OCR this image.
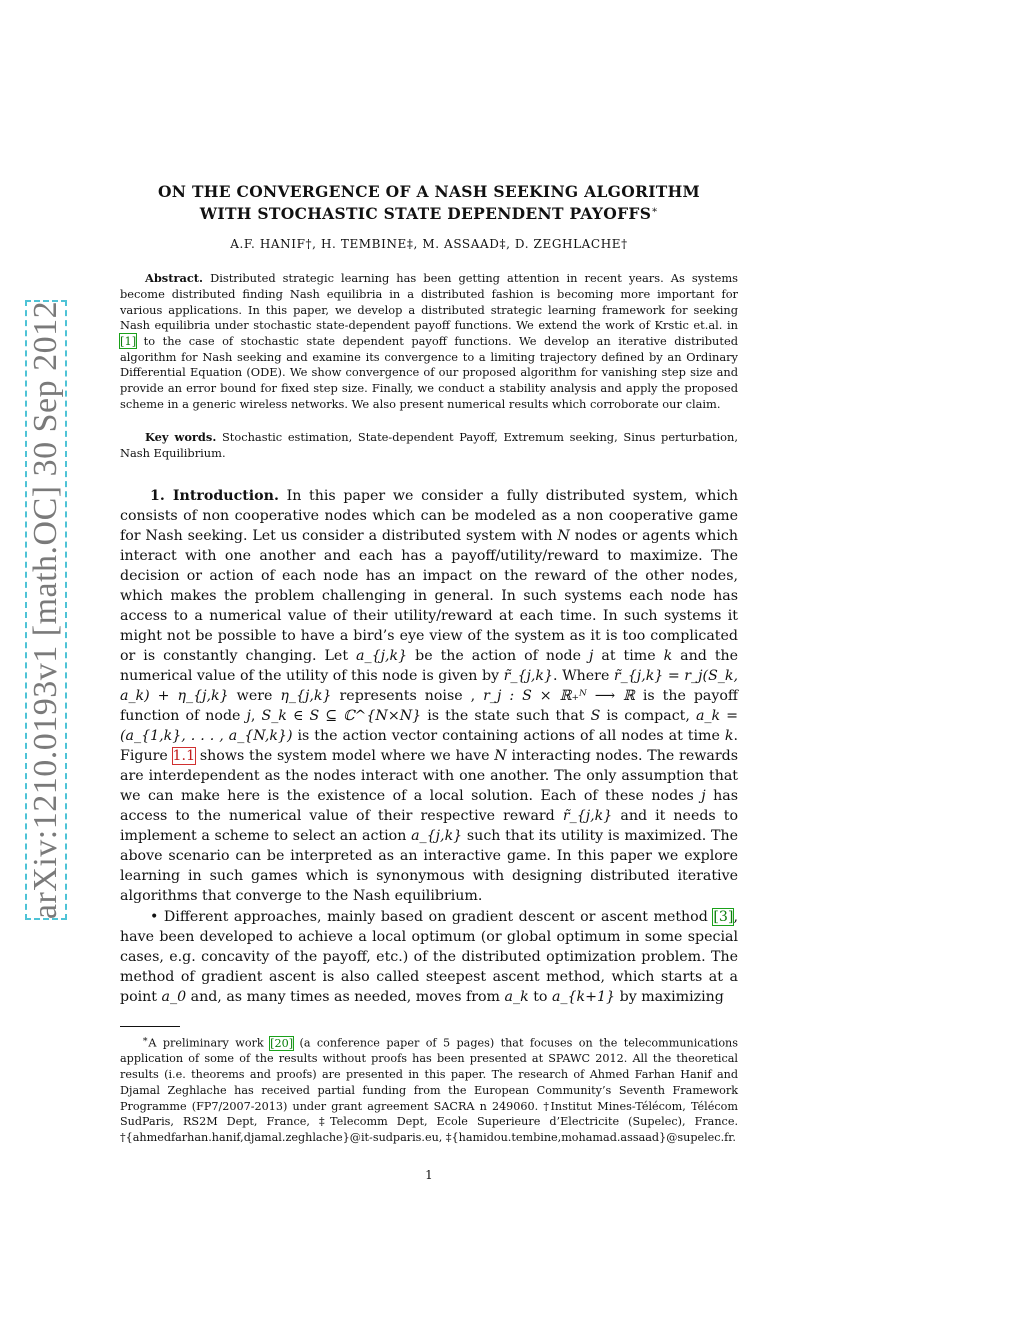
arXiv:1210.0193v1 [math.OC] 30 Sep 2012
ON THE CONVERGENCE OF A NASH SEEKING ALGORITHM
WITH STOCHASTIC STATE DEPENDENT PAYOFFS∗
A.F. HANIF†, H. TEMBINE‡, M. ASSAAD‡, D. ZEGHLACHE†
Abstract. Distributed strategic learning has been getting attention in recent years. As systems become distributed finding Nash equilibria in a distributed fashion is becoming more important for various applications. In this paper, we develop a distributed strategic learning framework for seeking Nash equilibria under stochastic state-dependent payoff functions. We extend the work of Krstic et.al. in [1] to the case of stochastic state dependent payoff functions. We develop an iterative distributed algorithm for Nash seeking and examine its convergence to a limiting trajectory defined by an Ordinary Differential Equation (ODE). We show convergence of our proposed algorithm for vanishing step size and provide an error bound for fixed step size. Finally, we conduct a stability analysis and apply the proposed scheme in a generic wireless networks. We also present numerical results which corroborate our claim.
Key words. Stochastic estimation, State-dependent Payoff, Extremum seeking, Sinus perturbation, Nash Equilibrium.

1. Introduction. In this paper we consider a fully distributed system, which consists of non cooperative nodes which can be modeled as a non cooperative game for Nash seeking. Let us consider a distributed system with N nodes or agents which interact with one another and each has a payoff/utility/reward to maximize. The decision or action of each node has an impact on the reward of the other nodes, which makes the problem challenging in general. In such systems each node has access to a numerical value of their utility/reward at each time. In such systems it might not be possible to have a bird’s eye view of the system as it is too complicated or is constantly changing. Let a_{j,k} be the action of node j at time k and the numerical value of the utility of this node is given by r̃_{j,k}. Where r̃_{j,k} = r_j(S_k, a_k) + η_{j,k} were η_{j,k} represents noise , r_j : S × ℝ₊ᴺ ⟶ ℝ is the payoff function of node j, S_k ∈ S ⊆ ℂ^{N×N} is the state such that S is compact, a_k = (a_{1,k}, . . . , a_{N,k}) is the action vector containing actions of all nodes at time k. Figure 1.1 shows the system model where we have N interacting nodes. The rewards are interdependent as the nodes interact with one another. The only assumption that we can make here is the existence of a local solution. Each of these nodes j has access to the numerical value of their respective reward r̃_{j,k} and it needs to implement a scheme to select an action a_{j,k} such that its utility is maximized. The above scenario can be interpreted as an interactive game. In this paper we explore learning in such games which is synonymous with designing distributed iterative algorithms that converge to the Nash equilibrium.

• Different approaches, mainly based on gradient descent or ascent method [3], have been developed to achieve a local optimum (or global optimum in some special cases, e.g. concavity of the payoff, etc.) of the distributed optimization problem. The method of gradient ascent is also called steepest ascent method, which starts at a point a_0 and, as many times as needed, moves from a_k to a_{k+1} by maximizing

∗A preliminary work [20] (a conference paper of 5 pages) that focuses on the telecommunications application of some of the results without proofs has been presented at SPAWC 2012. All the theoretical results (i.e. theorems and proofs) are presented in this paper. The research of Ahmed Farhan Hanif and Djamal Zeghlache has received partial funding from the European Community’s Seventh Framework Programme (FP7/2007-2013) under grant agreement SACRA n 249060. †Institut Mines-Télécom, Télécom SudParis, RS2M Dept, France, ‡Telecomm Dept, Ecole Superieure d’Electricite (Supelec), France. †{ahmedfarhan.hanif,djamal.zeghlache}@it-sudparis.eu, ‡{hamidou.tembine,mohamad.assaad}@supelec.fr.
1
